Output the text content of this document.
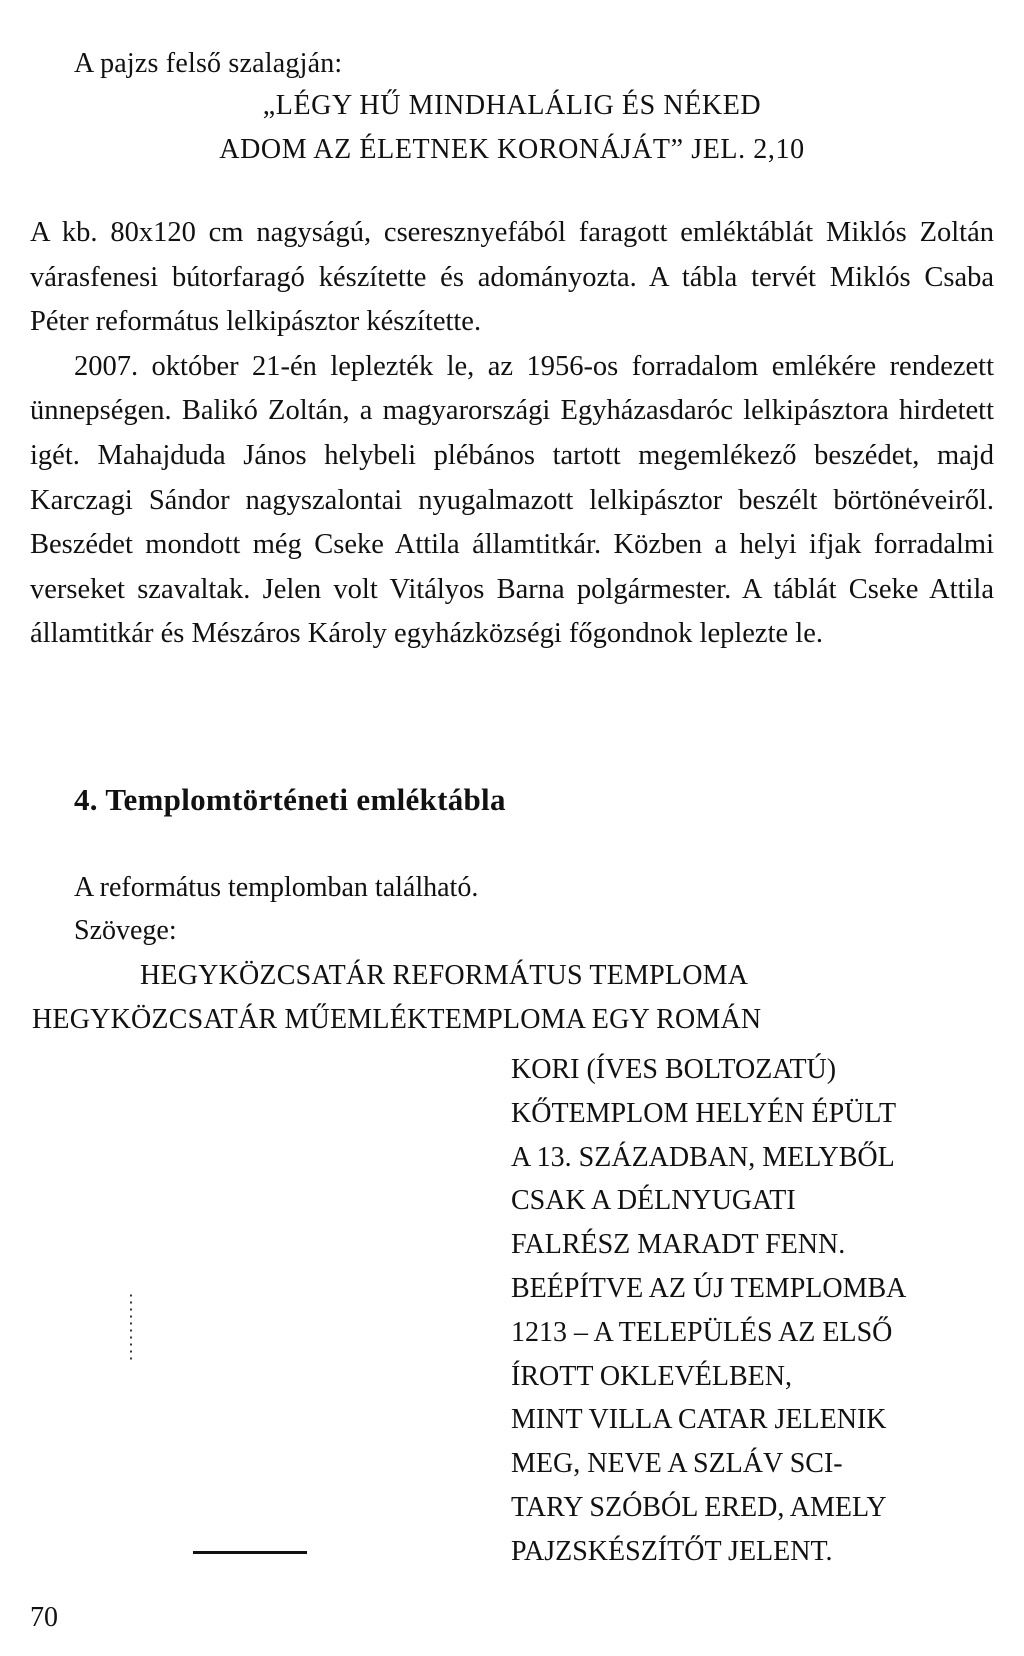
A pajzs felső szalagján:
„LÉGY HŰ MINDHALÁLIG ÉS NÉKED
ADOM AZ ÉLETNEK KORONÁJÁT” JEL. 2,10

A kb. 80x120 cm nagyságú, cseresznyefából faragott emléktáblát Miklós Zoltán várasfenesi bútorfaragó készítette és adományozta. A tábla tervét Miklós Csaba Péter református lelkipásztor készítette.
2007. október 21-én leplezték le, az 1956-os forradalom emlékére rendezett ünnepségen. Balikó Zoltán, a magyarországi Egyházasdaróc lelkipásztora hirdetett igét. Mahajduda János helybeli plébános tartott megemlékező beszédet, majd Karczagi Sándor nagyszalontai nyugalmazott lelkipásztor beszélt börtönéveiről. Beszédet mondott még Cseke Attila államtitkár. Közben a helyi ifjak forradalmi verseket szavaltak. Jelen volt Vitályos Barna polgármester. A táblát Cseke Attila államtitkár és Mészáros Károly egyházközségi főgondnok leplezte le.

4. Templomtörténeti emléktábla
A református templomban található.
Szövege:
HEGYKÖZCSATÁR REFORMÁTUS TEMPLOMA
HEGYKÖZCSATÁR MŰEMLÉKTEMPLOMA EGY ROMÁN
KORI (ÍVES BOLTOZATÚ)
KŐTEMPLOM HELYÉN ÉPÜLT
A 13. SZÁZADBAN, MELYBŐL
CSAK A DÉLNYUGATI
FALRÉSZ MARADT FENN.
BEÉPÍTVE AZ ÚJ TEMPLOMBA
1213 – A TELEPÜLÉS AZ ELSŐ
ÍROTT OKLEVÉLBEN,
MINT VILLA CATAR JELENIK
MEG, NEVE A SZLÁV SCI-
TARY SZÓBÓL ERED, AMELY
PAJZSKÉSZÍTŐT JELENT.
70
